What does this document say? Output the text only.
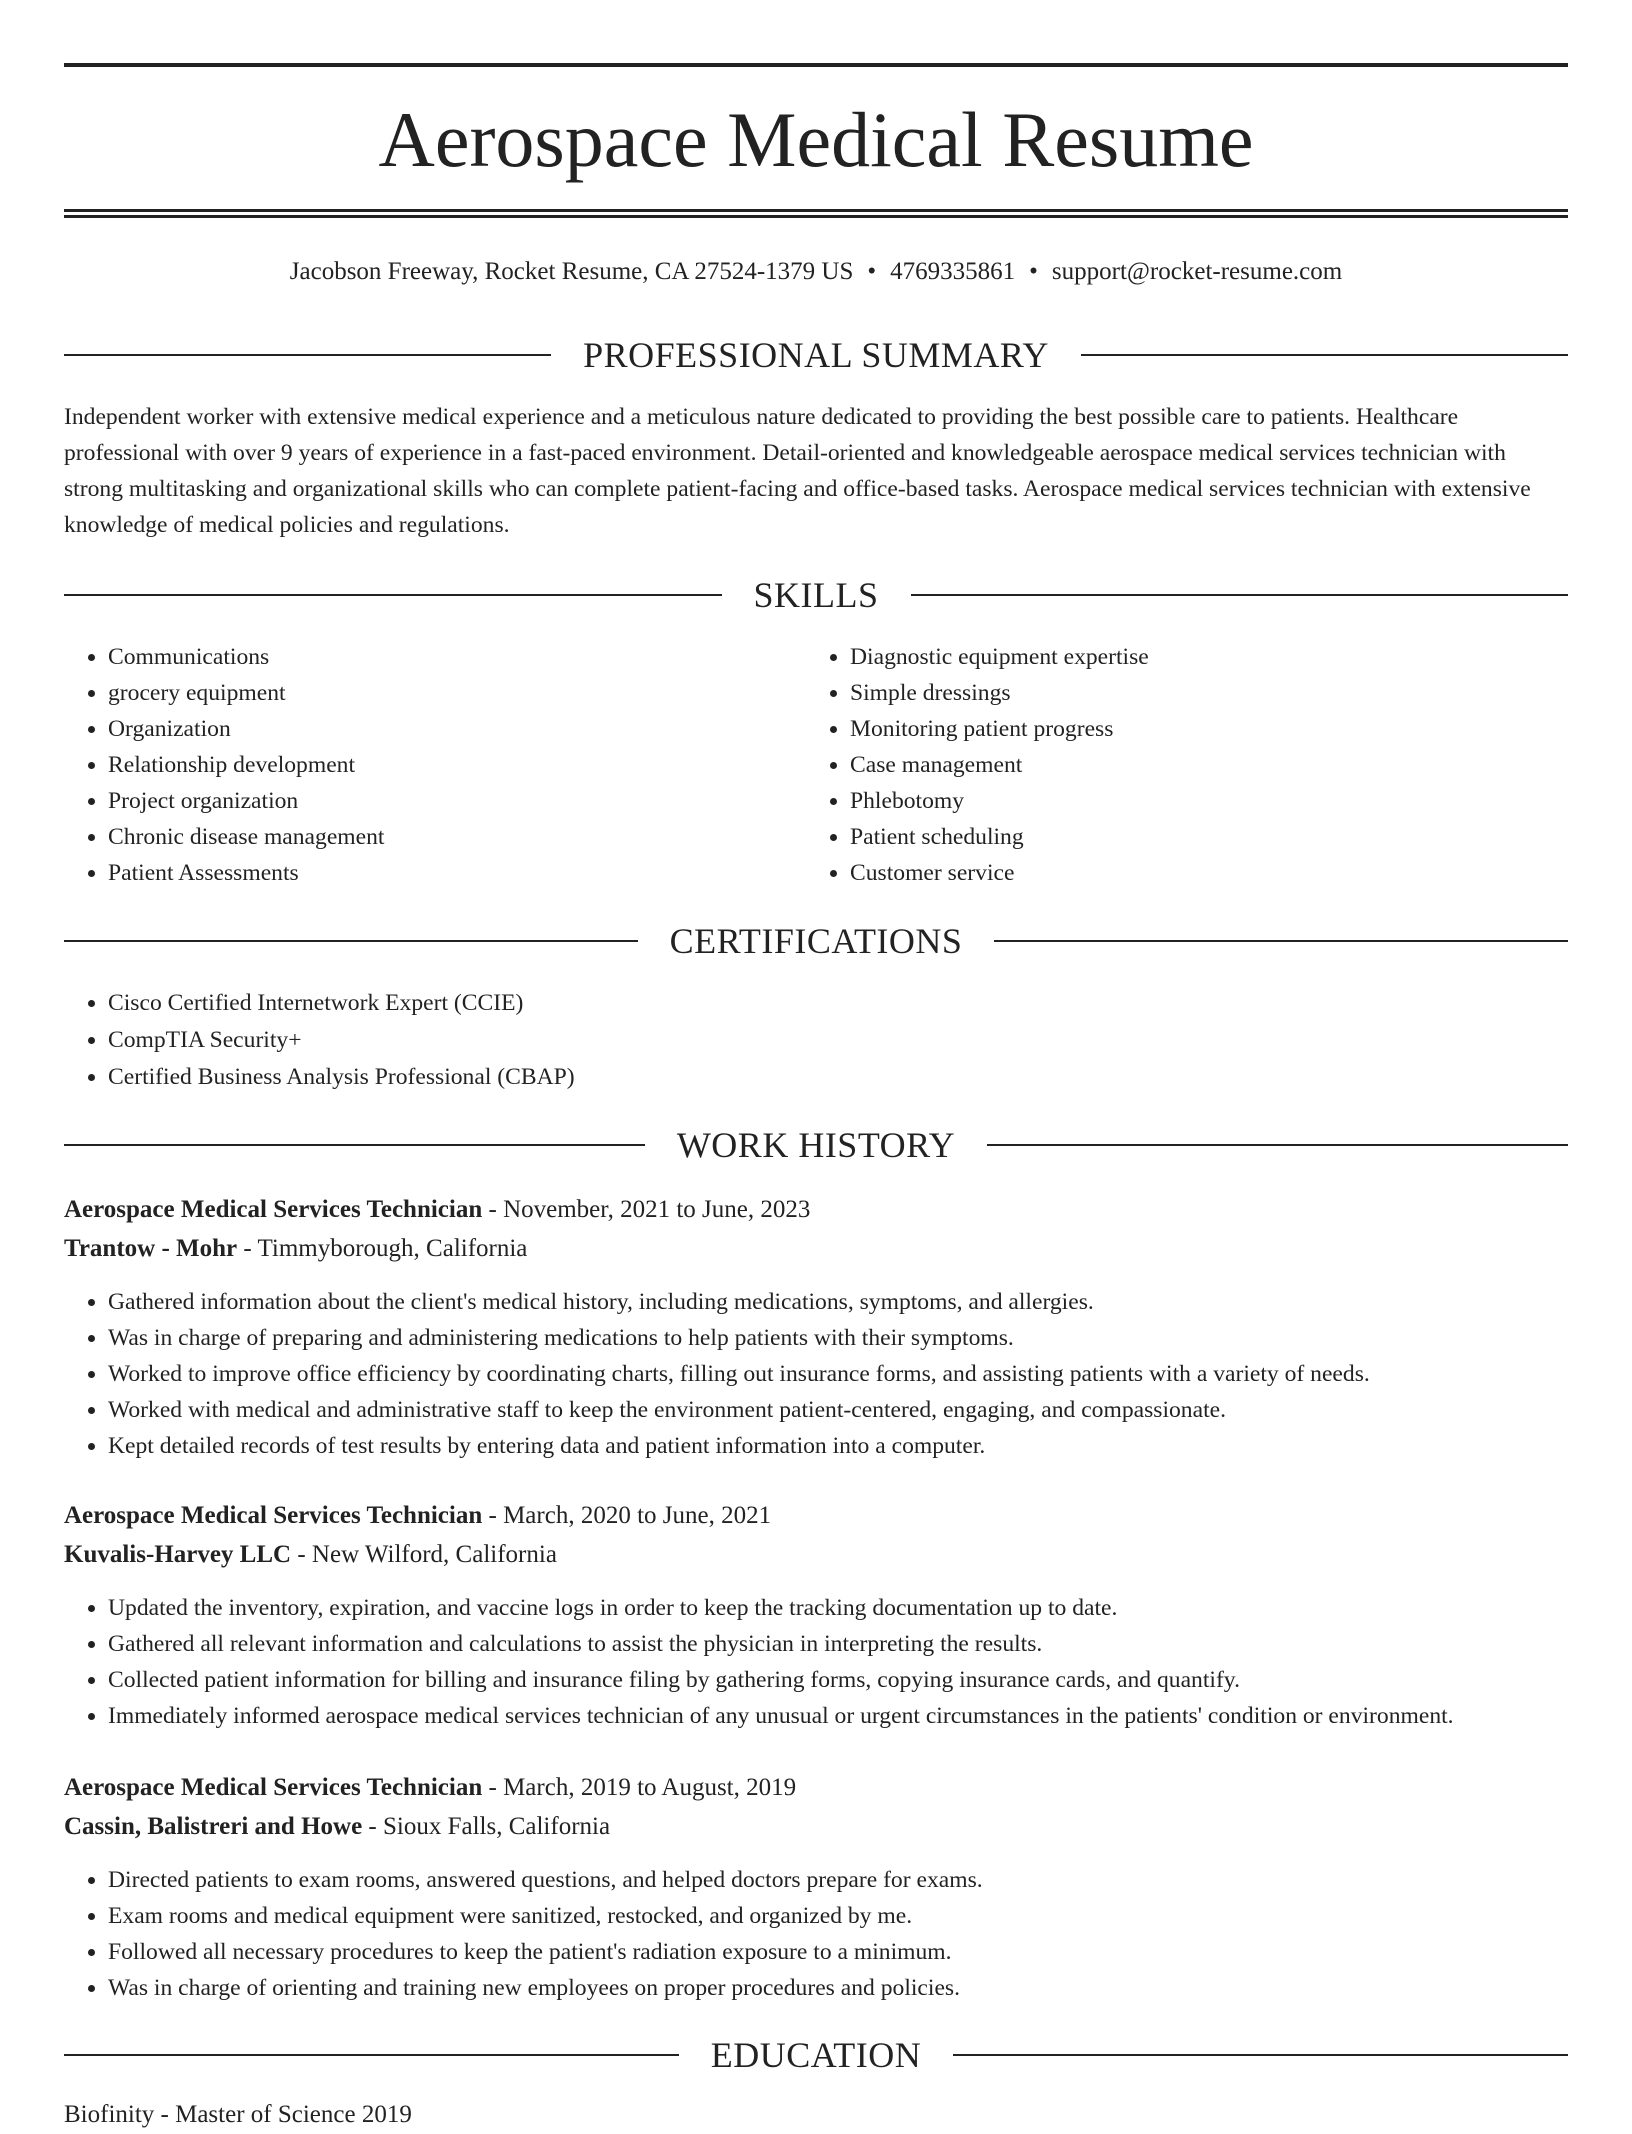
Aerospace Medical Resume
Jacobson Freeway, Rocket Resume, CA 27524-1379 US • 4769335861 • support@rocket-resume.com
PROFESSIONAL SUMMARY

Independent worker with extensive medical experience and a meticulous nature dedicated to providing the best possible care to patients. Healthcare professional with over 9 years of experience in a fast-paced environment. Detail-oriented and knowledgeable aerospace medical services technician with strong multitasking and organizational skills who can complete patient-facing and office-based tasks. Aerospace medical services technician with extensive knowledge of medical policies and regulations.

SKILLS
• Communications
• grocery equipment
• Organization
• Relationship development
• Project organization
• Chronic disease management
• Patient Assessments
• Diagnostic equipment expertise
• Simple dressings
• Monitoring patient progress
• Case management
• Phlebotomy
• Patient scheduling
• Customer service
CERTIFICATIONS
• Cisco Certified Internetwork Expert (CCIE)
• CompTIA Security+
• Certified Business Analysis Professional (CBAP)
WORK HISTORY
Aerospace Medical Services Technician - November, 2021 to June, 2023
Trantow - Mohr - Timmyborough, California
• Gathered information about the client's medical history, including medications, symptoms, and allergies.
• Was in charge of preparing and administering medications to help patients with their symptoms.
• Worked to improve office efficiency by coordinating charts, filling out insurance forms, and assisting patients with a variety of needs.
• Worked with medical and administrative staff to keep the environment patient-centered, engaging, and compassionate.
• Kept detailed records of test results by entering data and patient information into a computer.
Aerospace Medical Services Technician - March, 2020 to June, 2021
Kuvalis-Harvey LLC - New Wilford, California
• Updated the inventory, expiration, and vaccine logs in order to keep the tracking documentation up to date.
• Gathered all relevant information and calculations to assist the physician in interpreting the results.
• Collected patient information for billing and insurance filing by gathering forms, copying insurance cards, and quantify.
• Immediately informed aerospace medical services technician of any unusual or urgent circumstances in the patients' condition or environment.
Aerospace Medical Services Technician - March, 2019 to August, 2019
Cassin, Balistreri and Howe - Sioux Falls, California
• Directed patients to exam rooms, answered questions, and helped doctors prepare for exams.
• Exam rooms and medical equipment were sanitized, restocked, and organized by me.
• Followed all necessary procedures to keep the patient's radiation exposure to a minimum.
• Was in charge of orienting and training new employees on proper procedures and policies.
EDUCATION
Biofinity - Master of Science 2019
